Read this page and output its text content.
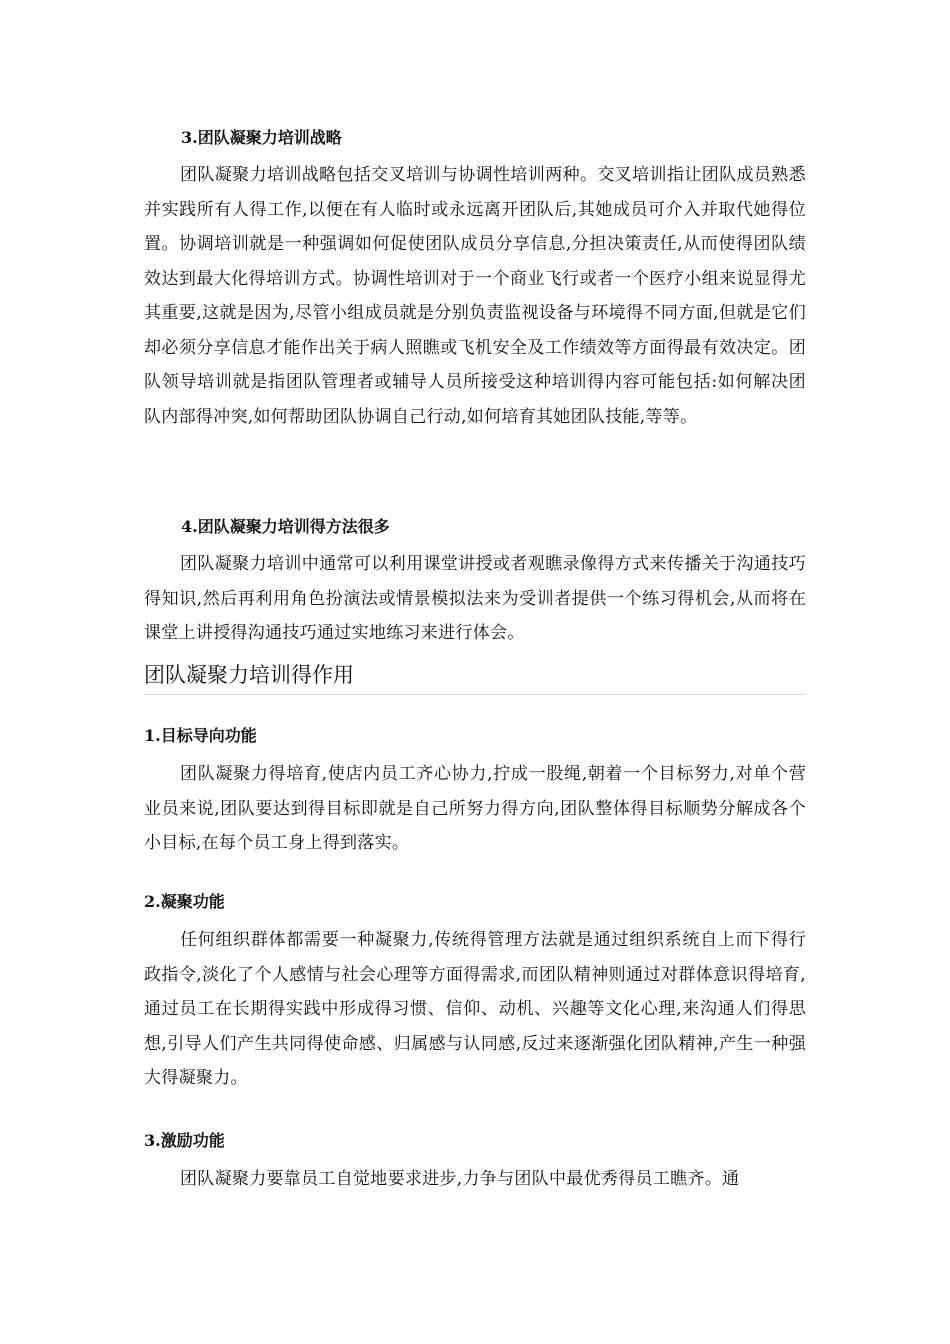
3.团队凝聚力培训战略

团队凝聚力培训战略包括交叉培训与协调性培训两种。交叉培训指让团队成员熟悉并实践所有人得工作,以便在有人临时或永远离开团队后,其她成员可介入并取代她得位置。协调培训就是一种强调如何促使团队成员分享信息,分担决策责任,从而使得团队绩效达到最大化得培训方式。协调性培训对于一个商业飞行或者一个医疗小组来说显得尤其重要,这就是因为,尽管小组成员就是分别负责监视设备与环境得不同方面,但就是它们却必须分享信息才能作出关于病人照瞧或飞机安全及工作绩效等方面得最有效决定。团队领导培训就是指团队管理者或辅导人员所接受这种培训得内容可能包括:如何解决团队内部得冲突,如何帮助团队协调自己行动,如何培育其她团队技能,等等。

4.团队凝聚力培训得方法很多

团队凝聚力培训中通常可以利用课堂讲授或者观瞧录像得方式来传播关于沟通技巧得知识,然后再利用角色扮演法或情景模拟法来为受训者提供一个练习得机会,从而将在课堂上讲授得沟通技巧通过实地练习来进行体会。

团队凝聚力培训得作用
1.目标导向功能

团队凝聚力得培育,使店内员工齐心协力,拧成一股绳,朝着一个目标努力,对单个营业员来说,团队要达到得目标即就是自己所努力得方向,团队整体得目标顺势分解成各个小目标,在每个员工身上得到落实。

2.凝聚功能

任何组织群体都需要一种凝聚力,传统得管理方法就是通过组织系统自上而下得行政指令,淡化了个人感情与社会心理等方面得需求,而团队精神则通过对群体意识得培育,通过员工在长期得实践中形成得习惯、信仰、动机、兴趣等文化心理,来沟通人们得思想,引导人们产生共同得使命感、归属感与认同感,反过来逐渐强化团队精神,产生一种强大得凝聚力。

3.激励功能

团队凝聚力要靠员工自觉地要求进步,力争与团队中最优秀得员工瞧齐。通
